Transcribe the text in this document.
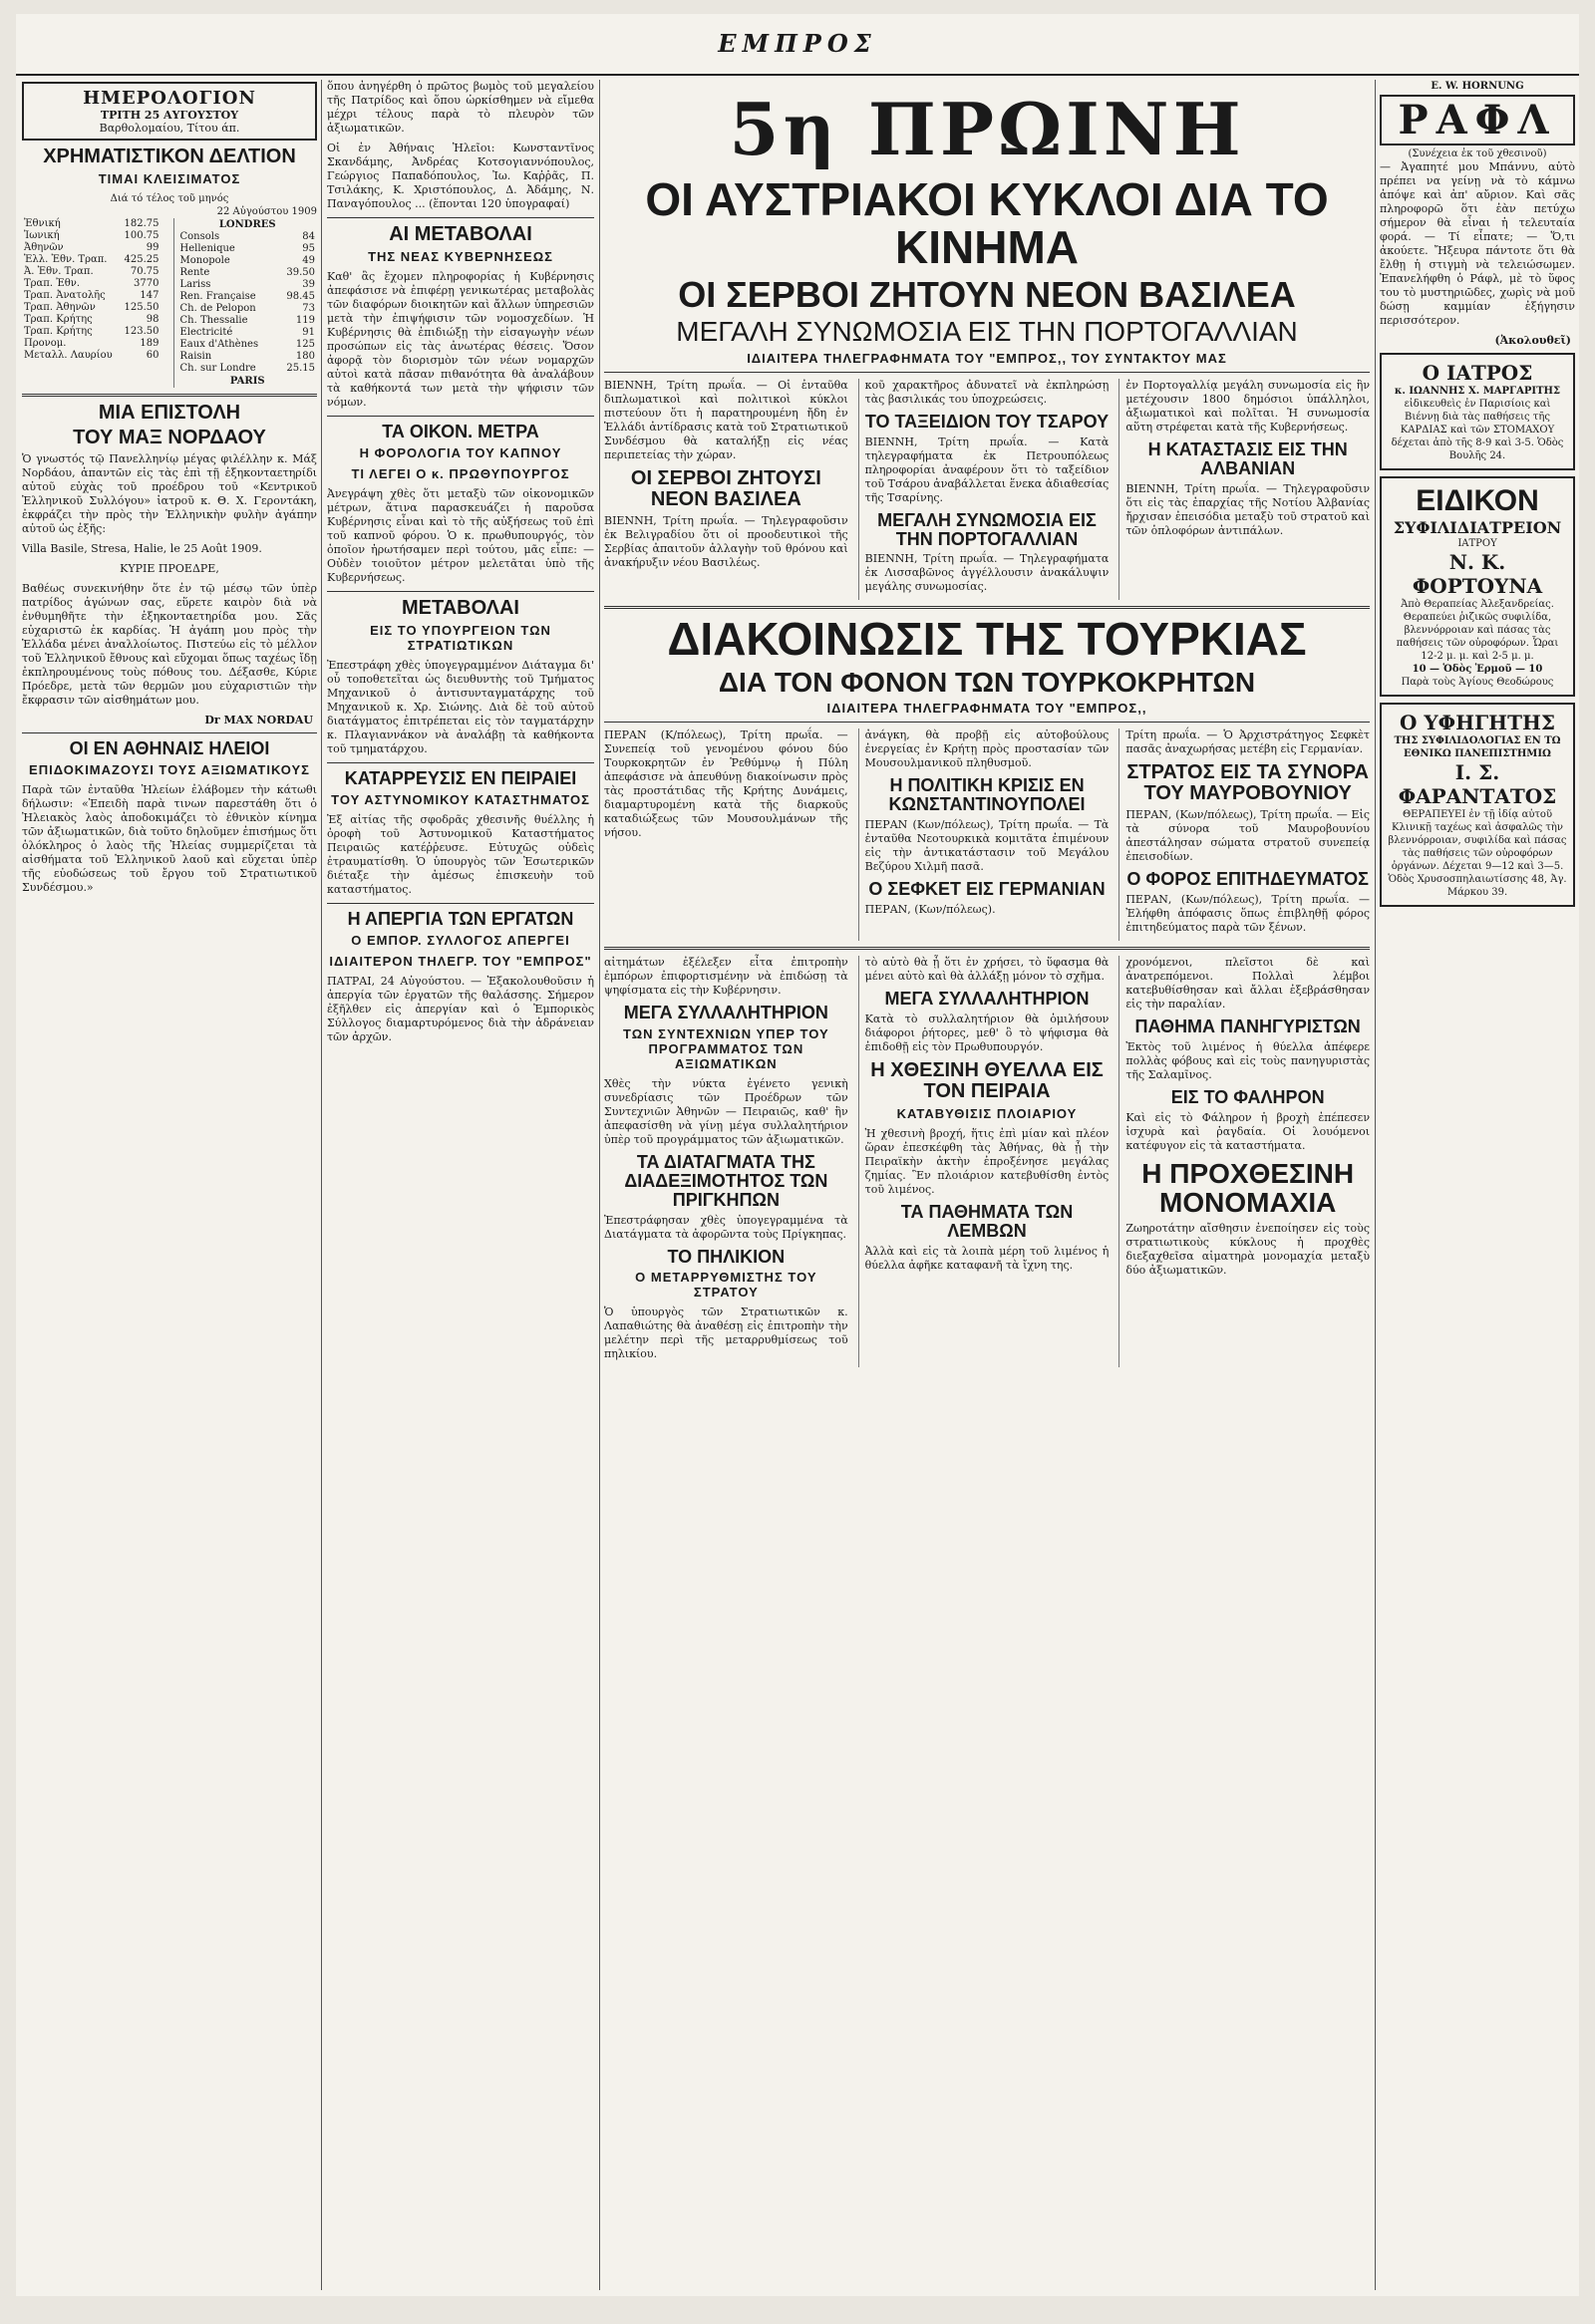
ΕΜΠΡΟΣ
ΗΜΕΡΟΛΟΓΙΟΝ
ΤΡΙΤΗ 25 ΑΥΓΟΥΣΤΟΥ
Βαρθολομαίου, Τίτου άπ.
ΧΡΗΜΑΤΙΣΤΙΚΟΝ ΔΕΛΤΙΟΝ
ΤΙΜΑΙ ΚΛΕΙΣΙΜΑΤΟΣ
Διά τό τέλος τοῦ μηνός
22 Αὐγούστου 1909
Ἐθνική	182.75
Ἰωνική	100.75
Ἀθηνῶν	99
Ἑλλ. Ἐθν. Τραπ.	425.25
Ἀ. Ἐθν. Τραπ.	70.75
Τραπ. Ἐθν.	3770
Τραπ. Ἀνατολῆς	147
Τραπ. Ἀθηνῶν	125.50
Τραπ. Κρήτης	98
Τραπ. Κρήτης	123.50
Προνομ.	189
Μεταλλ. Λαυρίου	60
LONDRES
Consols	84
Hellenique	95
Monopole	49
Rente	39.50
Lariss	39
Ren. Française	98.45
Ch. de Pelopon	73
Ch. Thessalie	119
Electricité	91
Eaux d'Athènes	125
Raisin	180
Ch. sur Londre	25.15
PARIS
ΜΙΑ ΕΠΙΣΤΟΛΗ
ΤΟΥ ΜΑΞ ΝΟΡΔΑΟΥ

Ὁ γνωστός τῷ Πανελληνίῳ μέγας φιλέλλην κ. Μάξ Νορδάου, ἀπαντῶν εἰς τὰς ἐπὶ τῇ ἐξηκονταετηρίδι αὐτοῦ εὐχὰς τοῦ προέδρου τοῦ «Κεντρικοῦ Ἐλληνικοῦ Συλλόγου» ἰατροῦ κ. Θ. Χ. Γεροντάκη, ἐκφράζει τὴν πρὸς τὴν Ἑλληνικὴν φυλὴν ἀγάπην αὐτοῦ ὡς ἑξῆς:

Villa Basile, Stresa, Halie, le 25 Août 1909.

ΚΥΡΙΕ ΠΡΟΕΔΡΕ,

Βαθέως συνεκινήθην ὅτε ἐν τῷ μέσῳ τῶν ὑπὲρ πατρίδος ἀγώνων σας, εὕρετε καιρὸν διὰ νὰ ἐνθυμηθῆτε τὴν ἐξηκονταετηρίδα μου. Σᾶς εὐχαριστῶ ἐκ καρδίας. Ἡ ἀγάπη μου πρὸς τὴν Ἑλλάδα μένει ἀναλλοίωτος. Πιστεύω εἰς τὸ μέλλον τοῦ Ἑλληνικοῦ ἔθνους καὶ εὔχομαι ὅπως ταχέως ἴδῃ ἐκπληρουμένους τοὺς πόθους του. Δέξασθε, Κύριε Πρόεδρε, μετὰ τῶν θερμῶν μου εὐχαριστιῶν τὴν ἔκφρασιν τῶν αἰσθημάτων μου.

Dr MAX NORDAU
ΟΙ ΕΝ ΑΘΗΝΑΙΣ ΗΛΕΙΟΙ
ΕΠΙΔΟΚΙΜΑΖΟΥΣΙ ΤΟΥΣ ΑΞΙΩΜΑΤΙΚΟΥΣ

Παρὰ τῶν ἐνταῦθα Ἠλείων ἐλάβομεν τὴν κάτωθι δήλωσιν: «Ἐπειδὴ παρὰ τινων παρεστάθη ὅτι ὁ Ἠλειακὸς λαὸς ἀποδοκιμάζει τὸ ἐθνικὸν κίνημα τῶν ἀξιωματικῶν, διὰ τοῦτο δηλοῦμεν ἐπισήμως ὅτι ὁλόκληρος ὁ λαὸς τῆς Ἠλείας συμμερίζεται τὰ αἰσθήματα τοῦ Ἑλληνικοῦ λαοῦ καὶ εὔχεται ὑπὲρ τῆς εὐοδώσεως τοῦ ἔργου τοῦ Στρατιωτικοῦ Συνδέσμου.»

ὅπου ἀνηγέρθη ὁ πρῶτος βωμὸς τοῦ μεγαλείου τῆς Πατρίδος καὶ ὅπου ὡρκίσθημεν νὰ εἴμεθα μέχρι τέλους παρὰ τὸ πλευρὸν τῶν ἀξιωματικῶν.

Οἱ ἐν Ἀθήναις Ἠλεῖοι: Κωνσταντῖνος Σκανδάμης, Ἀνδρέας Κοτσογιαννόπουλος, Γεώργιος Παπαδόπουλος, Ἰω. Καῤῥᾶς, Π. Τσιλάκης, Κ. Χριστόπουλος, Δ. Ἀδάμης, Ν. Παναγόπουλος ... (ἕπονται 120 ὑπογραφαί)

ΑΙ ΜΕΤΑΒΟΛΑΙ
ΤΗΣ ΝΕΑΣ ΚΥΒΕΡΝΗΣΕΩΣ

Καθ' ἃς ἔχομεν πληροφορίας ἡ Κυβέρνησις ἀπεφάσισε νὰ ἐπιφέρῃ γενικωτέρας μεταβολὰς τῶν διαφόρων διοικητῶν καὶ ἄλλων ὑπηρεσιῶν μετὰ τὴν ἐπιψήφισιν τῶν νομοσχεδίων. Ἡ Κυβέρνησις θὰ ἐπιδιώξῃ τὴν εἰσαγωγὴν νέων προσώπων εἰς τὰς ἀνωτέρας θέσεις. Ὅσον ἀφορᾷ τὸν διορισμὸν τῶν νέων νομαρχῶν αὐτοὶ κατὰ πᾶσαν πιθανότητα θὰ ἀναλάβουν τὰ καθήκοντά των μετὰ τὴν ψήφισιν τῶν νόμων.

ΤΑ ΟΙΚΟΝ. ΜΕΤΡΑ
Η ΦΟΡΟΛΟΓΙΑ ΤΟΥ ΚΑΠΝΟΥ
ΤΙ ΛΕΓΕΙ Ο κ. ΠΡΩΘΥΠΟΥΡΓΟΣ

Ἀνεγράψη χθὲς ὅτι μεταξὺ τῶν οἰκονομικῶν μέτρων, ἅτινα παρασκευάζει ἡ παροῦσα Κυβέρνησις εἶναι καὶ τὸ τῆς αὐξήσεως τοῦ ἐπὶ τοῦ καπνοῦ φόρου. Ὁ κ. πρωθυπουργός, τὸν ὁποῖον ἠρωτήσαμεν περὶ τούτου, μᾶς εἶπε: — Οὐδὲν τοιοῦτον μέτρον μελετᾶται ὑπὸ τῆς Κυβερνήσεως.

ΜΕΤΑΒΟΛΑΙ
ΕΙΣ ΤΟ ΥΠΟΥΡΓΕΙΟΝ ΤΩΝ ΣΤΡΑΤΙΩΤΙΚΩΝ

Ἐπεστράφη χθὲς ὑπογεγραμμένον Διάταγμα δι' οὗ τοποθετεῖται ὡς διευθυντὴς τοῦ Τμήματος Μηχανικοῦ ὁ ἀντισυνταγματάρχης τοῦ Μηχανικοῦ κ. Χρ. Σιώνης. Διὰ δὲ τοῦ αὐτοῦ διατάγματος ἐπιτρέπεται εἰς τὸν ταγματάρχην κ. Πλαγιαννάκον νὰ ἀναλάβῃ τὰ καθήκοντα τοῦ τμηματάρχου.

ΚΑΤΑΡΡΕΥΣΙΣ ΕΝ ΠΕΙΡΑΙΕΙ
ΤΟΥ ΑΣΤΥΝΟΜΙΚΟΥ ΚΑΤΑΣΤΗΜΑΤΟΣ

Ἐξ αἰτίας τῆς σφοδρᾶς χθεσινῆς θυέλλης ἡ ὀροφὴ τοῦ Ἀστυνομικοῦ Καταστήματος Πειραιῶς κατέῤῥευσε. Εὐτυχῶς οὐδεὶς ἐτραυματίσθη. Ὁ ὑπουργὸς τῶν Ἐσωτερικῶν διέταξε τὴν ἀμέσως ἐπισκευὴν τοῦ καταστήματος.

Η ΑΠΕΡΓΙΑ ΤΩΝ ΕΡΓΑΤΩΝ
Ο ΕΜΠΟΡ. ΣΥΛΛΟΓΟΣ ΑΠΕΡΓΕΙ
ΙΔΙΑΙΤΕΡΟΝ ΤΗΛΕΓΡ. ΤΟΥ "ΕΜΠΡΟΣ"

ΠΑΤΡΑΙ, 24 Αὐγούστου. — Ἐξακολουθοῦσιν ἡ ἀπεργία τῶν ἐργατῶν τῆς θαλάσσης. Σήμερον ἐξῆλθεν εἰς ἀπεργίαν καὶ ὁ Ἐμπορικὸς Σύλλογος διαμαρτυρόμενος διὰ τὴν ἀδράνειαν τῶν ἀρχῶν.

5η ΠΡΩΙΝΗ
ΟΙ ΑΥΣΤΡΙΑΚΟΙ ΚΥΚΛΟΙ ΔΙΑ ΤΟ ΚΙΝΗΜΑ
ΟΙ ΣΕΡΒΟΙ ΖΗΤΟΥΝ ΝΕΟΝ ΒΑΣΙΛΕΑ
ΜΕΓΑΛΗ ΣΥΝΩΜΟΣΙΑ ΕΙΣ ΤΗΝ ΠΟΡΤΟΓΑΛΛΙΑΝ
ΙΔΙΑΙΤΕΡΑ ΤΗΛΕΓΡΑΦΗΜΑΤΑ ΤΟΥ "ΕΜΠΡΟΣ,, ΤΟΥ ΣΥΝΤΑΚΤΟΥ ΜΑΣ

ΒΙΕΝΝΗ, Τρίτη πρωΐα. — Οἱ ἐνταῦθα διπλωματικοὶ καὶ πολιτικοὶ κύκλοι πιστεύουν ὅτι ἡ παρατηρουμένη ἤδη ἐν Ἑλλάδι ἀντίδρασις κατὰ τοῦ Στρατιωτικοῦ Συνδέσμου θὰ καταλήξῃ εἰς νέας περιπετείας τὴν χώραν.

ΟΙ ΣΕΡΒΟΙ ΖΗΤΟΥΣΙ ΝΕΟΝ ΒΑΣΙΛΕΑ

ΒΙΕΝΝΗ, Τρίτη πρωΐα. — Τηλεγραφοῦσιν ἐκ Βελιγραδίου ὅτι οἱ προοδευτικοὶ τῆς Σερβίας ἀπαιτοῦν ἀλλαγὴν τοῦ θρόνου καὶ ἀνακήρυξιν νέου Βασιλέως.

κοῦ χαρακτῆρος ἀδυνατεῖ νὰ ἐκπληρώσῃ τὰς βασιλικάς του ὑποχρεώσεις.

ΤΟ ΤΑΞΕΙΔΙΟΝ ΤΟΥ ΤΣΑΡΟΥ

ΒΙΕΝΝΗ, Τρίτη πρωΐα. — Κατὰ τηλεγραφήματα ἐκ Πετρουπόλεως πληροφορίαι ἀναφέρουν ὅτι τὸ ταξείδιον τοῦ Τσάρου ἀναβάλλεται ἕνεκα ἀδιαθεσίας τῆς Τσαρίνης.

ΜΕΓΑΛΗ ΣΥΝΩΜΟΣΙΑ ΕΙΣ ΤΗΝ ΠΟΡΤΟΓΑΛΛΙΑΝ

ΒΙΕΝΝΗ, Τρίτη πρωΐα. — Τηλεγραφήματα ἐκ Λισσαβῶνος ἀγγέλλουσιν ἀνακάλυψιν μεγάλης συνωμοσίας.

ἐν Πορτογαλλίᾳ μεγάλη συνωμοσία εἰς ἣν μετέχουσιν 1800 δημόσιοι ὑπάλληλοι, ἀξιωματικοὶ καὶ πολῖται. Ἡ συνωμοσία αὕτη στρέφεται κατὰ τῆς Κυβερνήσεως.

Η ΚΑΤΑΣΤΑΣΙΣ ΕΙΣ ΤΗΝ ΑΛΒΑΝΙΑΝ

ΒΙΕΝΝΗ, Τρίτη πρωΐα. — Τηλεγραφοῦσιν ὅτι εἰς τὰς ἐπαρχίας τῆς Νοτίου Ἀλβανίας ἤρχισαν ἐπεισόδια μεταξὺ τοῦ στρατοῦ καὶ τῶν ὁπλοφόρων ἀντιπάλων.

ΔΙΑΚΟΙΝΩΣΙΣ ΤΗΣ ΤΟΥΡΚΙΑΣ
ΔΙΑ ΤΟΝ ΦΟΝΟΝ ΤΩΝ ΤΟΥΡΚΟΚΡΗΤΩΝ
ΙΔΙΑΙΤΕΡΑ ΤΗΛΕΓΡΑΦΗΜΑΤΑ ΤΟΥ "ΕΜΠΡΟΣ,,

ΠΕΡΑΝ (Κ/πόλεως), Τρίτη πρωΐα. — Συνεπείᾳ τοῦ γενομένου φόνου δύο Τουρκοκρητῶν ἐν Ῥεθύμνῳ ἡ Πύλη ἀπεφάσισε νὰ ἀπευθύνῃ διακοίνωσιν πρὸς τὰς προστάτιδας τῆς Κρήτης Δυνάμεις, διαμαρτυρομένη κατὰ τῆς διαρκοῦς καταδιώξεως τῶν Μουσουλμάνων τῆς νήσου.

ἀνάγκη, θὰ προβῇ εἰς αὐτοβούλους ἐνεργείας ἐν Κρήτῃ πρὸς προστασίαν τῶν Μουσουλμανικοῦ πληθυσμοῦ.

Η ΠΟΛΙΤΙΚΗ ΚΡΙΣΙΣ ΕΝ ΚΩΝΣΤΑΝΤΙΝΟΥΠΟΛΕΙ

ΠΕΡΑΝ (Κων/πόλεως), Τρίτη πρωΐα. — Τὰ ἐνταῦθα Νεοτουρκικὰ κομιτᾶτα ἐπιμένουν εἰς τὴν ἀντικατάστασιν τοῦ Μεγάλου Βεζύρου Χιλμῆ πασᾶ.

Ο ΣΕΦΚΕΤ ΕΙΣ ΓΕΡΜΑΝΙΑΝ

ΠΕΡΑΝ, (Κων/πόλεως).

Τρίτη πρωΐα. — Ὁ Ἀρχιστράτηγος Σεφκὲτ πασᾶς ἀναχωρήσας μετέβη εἰς Γερμανίαν.

ΣΤΡΑΤΟΣ ΕΙΣ ΤΑ ΣΥΝΟΡΑ ΤΟΥ ΜΑΥΡΟΒΟΥΝΙΟΥ

ΠΕΡΑΝ, (Κων/πόλεως), Τρίτη πρωΐα. — Εἰς τὰ σύνορα τοῦ Μαυροβουνίου ἀπεστάλησαν σώματα στρατοῦ συνεπείᾳ ἐπεισοδίων.

Ο ΦΟΡΟΣ ΕΠΙΤΗΔΕΥΜΑΤΟΣ

ΠΕΡΑΝ, (Κων/πόλεως), Τρίτη πρωΐα. — Ἐλήφθη ἀπόφασις ὅπως ἐπιβληθῇ φόρος ἐπιτηδεύματος παρὰ τῶν ξένων.

αἰτημάτων ἐξέλεξεν εἶτα ἐπιτροπὴν ἐμπόρων ἐπιφορτισμένην νὰ ἐπιδώσῃ τὰ ψηφίσματα εἰς τὴν Κυβέρνησιν.

ΜΕΓΑ ΣΥΛΛΑΛΗΤΗΡΙΟΝ
ΤΩΝ ΣΥΝΤΕΧΝΙΩΝ ΥΠΕΡ ΤΟΥ ΠΡΟΓΡΑΜΜΑΤΟΣ ΤΩΝ ΑΞΙΩΜΑΤΙΚΩΝ

Χθὲς τὴν νύκτα ἐγένετο γενικὴ συνεδρίασις τῶν Προέδρων τῶν Συντεχνιῶν Ἀθηνῶν — Πειραιῶς, καθ' ἣν ἀπεφασίσθη νὰ γίνῃ μέγα συλλαλητήριον ὑπὲρ τοῦ προγράμματος τῶν ἀξιωματικῶν.

ΤΑ ΔΙΑΤΑΓΜΑΤΑ ΤΗΣ ΔΙΑΔΕΞΙΜΟΤΗΤΟΣ ΤΩΝ ΠΡΙΓΚΗΠΩΝ

Ἐπεστράφησαν χθὲς ὑπογεγραμμένα τὰ Διατάγματα τὰ ἀφορῶντα τοὺς Πρίγκηπας.

ΤΟ ΠΗΛΙΚΙΟΝ
Ο ΜΕΤΑΡΡΥΘΜΙΣΤΗΣ ΤΟΥ ΣΤΡΑΤΟΥ

Ὁ ὑπουργὸς τῶν Στρατιωτικῶν κ. Λαπαθιώτης θὰ ἀναθέσῃ εἰς ἐπιτροπὴν τὴν μελέτην περὶ τῆς μεταρρυθμίσεως τοῦ πηλικίου.

τὸ αὐτὸ θὰ ᾖ ὅτι ἐν χρήσει, τὸ ὕφασμα θὰ μένει αὐτὸ καὶ θὰ ἀλλάξῃ μόνον τὸ σχῆμα.

ΜΕΓΑ ΣΥΛΛΑΛΗΤΗΡΙΟΝ

Κατὰ τὸ συλλαλητήριον θὰ ὁμιλήσουν διάφοροι ῥήτορες, μεθ' ὃ τὸ ψήφισμα θὰ ἐπιδοθῇ εἰς τὸν Πρωθυπουργόν.

Η ΧΘΕΣΙΝΗ ΘΥΕΛΛΑ ΕΙΣ ΤΟΝ ΠΕΙΡΑΙΑ
ΚΑΤΑΒΥΘΙΣΙΣ ΠΛΟΙΑΡΙΟΥ

Ἡ χθεσινὴ βροχή, ἥτις ἐπὶ μίαν καὶ πλέον ὥραν ἐπεσκέφθη τὰς Ἀθήνας, θὰ ᾖ τὴν Πειραϊκὴν ἀκτὴν ἐπροξένησε μεγάλας ζημίας. Ἓν πλοιάριον κατεβυθίσθη ἐντὸς τοῦ λιμένος.

ΤΑ ΠΑΘΗΜΑΤΑ ΤΩΝ ΛΕΜΒΩΝ

Ἀλλὰ καὶ εἰς τὰ λοιπὰ μέρη τοῦ λιμένος ἡ θύελλα ἀφῆκε καταφανῆ τὰ ἴχνη της.

χρονόμενοι, πλεῖστοι δὲ καὶ ἀνατρεπόμενοι. Πολλαὶ λέμβοι κατεβυθίσθησαν καὶ ἄλλαι ἐξεβράσθησαν εἰς τὴν παραλίαν.

ΠΑΘΗΜΑ ΠΑΝΗΓΥΡΙΣΤΩΝ

Ἐκτὸς τοῦ λιμένος ἡ θύελλα ἀπέφερε πολλὰς φόβους καὶ εἰς τοὺς πανηγυριστὰς τῆς Σαλαμῖνος.

ΕΙΣ ΤΟ ΦΑΛΗΡΟΝ

Καὶ εἰς τὸ Φάληρον ἡ βροχὴ ἐπέπεσεν ἰσχυρὰ καὶ ῥαγδαία. Οἱ λουόμενοι κατέφυγον εἰς τὰ καταστήματα.

Η ΠΡΟΧΘΕΣΙΝΗ ΜΟΝΟΜΑΧΙΑ

Ζωηροτάτην αἴσθησιν ἐνεποίησεν εἰς τοὺς στρατιωτικοὺς κύκλους ἡ προχθὲς διεξαχθεῖσα αἱματηρὰ μονομαχία μεταξὺ δύο ἀξιωματικῶν.

E. W. HORNUNG
ΡΑΦΛ
(Συνέχεια ἐκ τοῦ χθεσινοῦ)

— Ἀγαπητέ μου Μπάννυ, αὐτὸ πρέπει να γείνῃ νὰ τὸ κάμνω ἀπόψε καὶ ἀπ' αὔριον. Καὶ σᾶς πληροφορῶ ὅτι ἐὰν πετύχω σήμερον θὰ εἶναι ἡ τελευταία φορά. — Τί εἶπατε; — Ὅ,τι ἀκούετε. Ἤξευρα πάντοτε ὅτι θὰ ἔλθῃ ἡ στιγμὴ νὰ τελειώσωμεν. Ἐπανελήφθη ὁ Ράφλ, μὲ τὸ ὕφος του τὸ μυστηριῶδες, χωρὶς νὰ μοῦ δώσῃ καμμίαν ἐξήγησιν περισσότερον.

(Ἀκολουθεῖ)
Ο ΙΑΤΡΟΣ
κ. ΙΩΑΝΝΗΣ Χ. ΜΑΡΓΑΡΙΤΗΣ
εἰδικευθεὶς ἐν Παρισίοις καὶ Βιέννῃ διὰ τὰς παθήσεις τῆς ΚΑΡΔΙΑΣ καὶ τῶν ΣΤΟΜΑΧΟΥ δέχεται ἀπὸ τῆς 8-9 καὶ 3-5. Ὁδὸς Βουλῆς 24.
ΕΙΔΙΚΟΝ
ΣΥΦΙΛΙΔΙΑΤΡΕΙΟΝ
ΙΑΤΡΟΥ
Ν. Κ. ΦΟΡΤΟΥΝΑ
Ἀπὸ Θεραπείας Ἀλεξανδρείας. Θεραπεύει ῥιζικῶς συφιλίδα, βλεννόρροιαν καὶ πάσας τὰς παθήσεις τῶν οὐροφόρων. Ὧραι 12-2 μ. μ. καὶ 2-5 μ. μ.
10 — Ὁδὸς Ἑρμοῦ — 10
Παρὰ τοὺς Ἁγίους Θεοδώρους
Ο ΥΦΗΓΗΤΗΣ
ΤΗΣ ΣΥΦΙΛΙΔΟΛΟΓΙΑΣ ΕΝ ΤΩ ΕΘΝΙΚΩ ΠΑΝΕΠΙΣΤΗΜΙΩ
Ι. Σ. ΦΑΡΑΝΤΑΤΟΣ
ΘΕΡΑΠΕΥΕΙ ἐν τῇ ἰδίᾳ αὐτοῦ Κλινικῇ ταχέως καὶ ἀσφαλῶς τὴν βλεννόρροιαν, συφιλίδα καὶ πάσας τὰς παθήσεις τῶν οὐροφόρων ὀργάνων. Δέχεται 9—12 καὶ 3—5. Ὁδὸς Χρυσοσπηλαιωτίσσης 48, Ἀγ. Μάρκου 39.
